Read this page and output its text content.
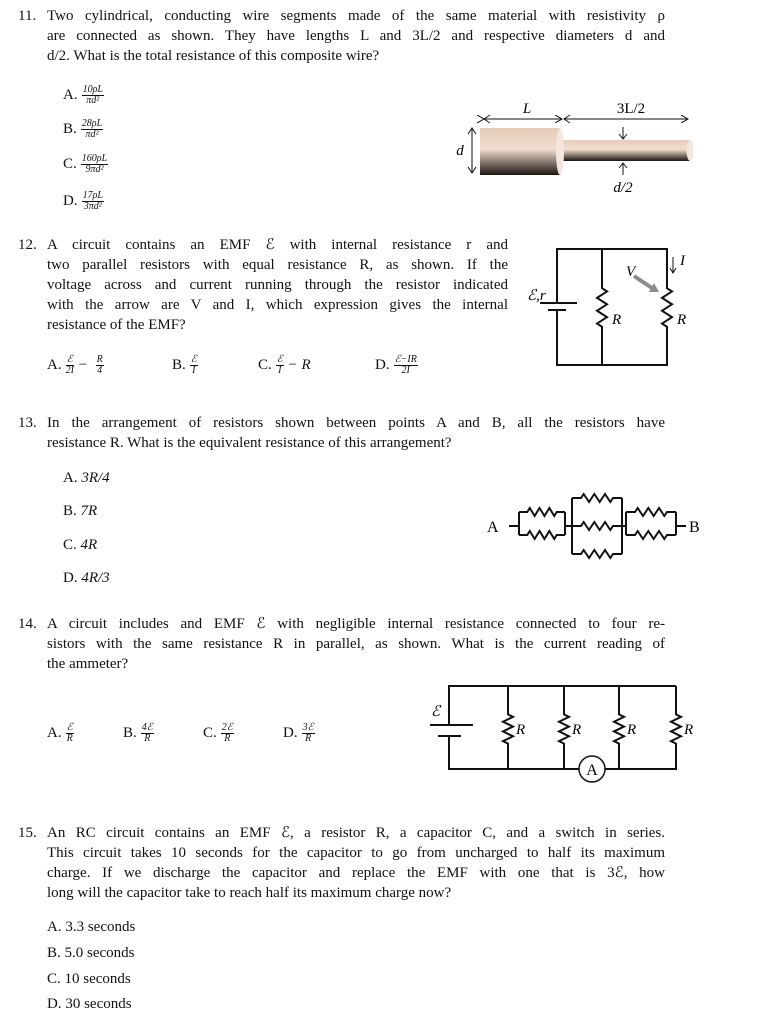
11. Two cylindrical, conducting wire segments made of the same material with resistivity ρ
are connected as shown. They have lengths L and 3L/2 and respective diameters d and
d/2. What is the total resistance of this composite wire?
A. $\frac{10\rho L}{\text{πd²}}$
B. $\frac{28\rho L}{\text{πd²}}$
C. $\frac{160\rho L}{\text{9πd²}}$
D. $\frac{17\rho L}{\text{3πd²}}$
12. A circuit contains an EMF ℰ with internal resistance r and
two parallel resistors with equal resistance R, as shown. If the
voltage across and current running through the resistor indicated
with the arrow are V and I, which expression gives the internal
resistance of the EMF?
A. $\frac{\text{ℰ}}{2I} - \frac{R}{4}$	B. $\frac{\text{ℰ}}{I}$	C. $\frac{\text{ℰ}}{I} - R$	D. $\frac{\text{ℰ−IR}}{2I}$
13. In the arrangement of resistors shown between points A and B, all the resistors have
resistance R. What is the equivalent resistance of this arrangement?
A. 3R/4
B. 7R
C. 4R
D. 4R/3
14. A circuit includes and EMF ℰ with negligible internal resistance connected to four re-
sistors with the same resistance R in parallel, as shown. What is the current reading of
the ammeter?
A. $\frac{\text{ℰ}}{R}$	B. $\frac{\text{4ℰ}}{R}$	C. $\frac{\text{2ℰ}}{R}$	D. $\frac{\text{3ℰ}}{R}$
15. An RC circuit contains an EMF ℰ, a resistor R, a capacitor C, and a switch in series.
This circuit takes 10 seconds for the capacitor to go from uncharged to half its maximum
charge. If we discharge the capacitor and replace the EMF with one that is 3ℰ, how
long will the capacitor take to reach half its maximum charge now?
A. 3.3 seconds
B. 5.0 seconds
C. 10 seconds
D. 30 seconds
L	3L/2
d
d/2
ℰ,r
R	R
V
I
A	B
ℰ
R	R	R	R
A
